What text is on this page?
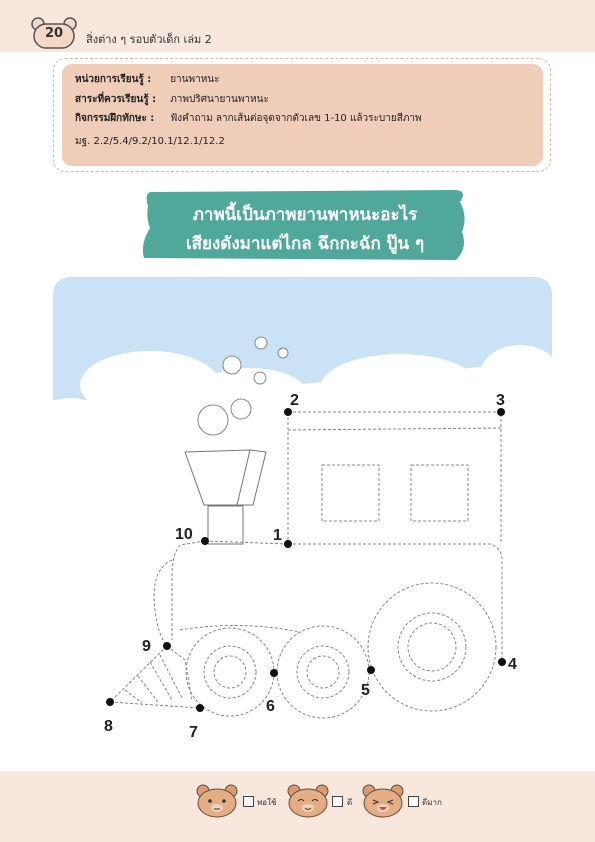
20	สิ่งต่าง ๆ รอบตัวเด็ก เล่ม 2
หน่วยการเรียนรู้ : ยานพาหนะ
สาระที่ควรเรียนรู้ : ภาพปริศนายานพาหนะ
กิจกรรมฝึกทักษะ : ฟังคำถาม ลากเส้นต่อจุดจากตัวเลข 1-10 แล้วระบายสีภาพ
มฐ. 2.2/5.4/9.2/10.1/12.1/12.2
ภาพนี้เป็นภาพยานพาหนะอะไร
เสียงดังมาแต่ไกล ฉึกกะฉัก ปู๊น ๆ
1
2	3
4
5
6
7
8
9
10
พอใช้	ดี	ดีมาก
